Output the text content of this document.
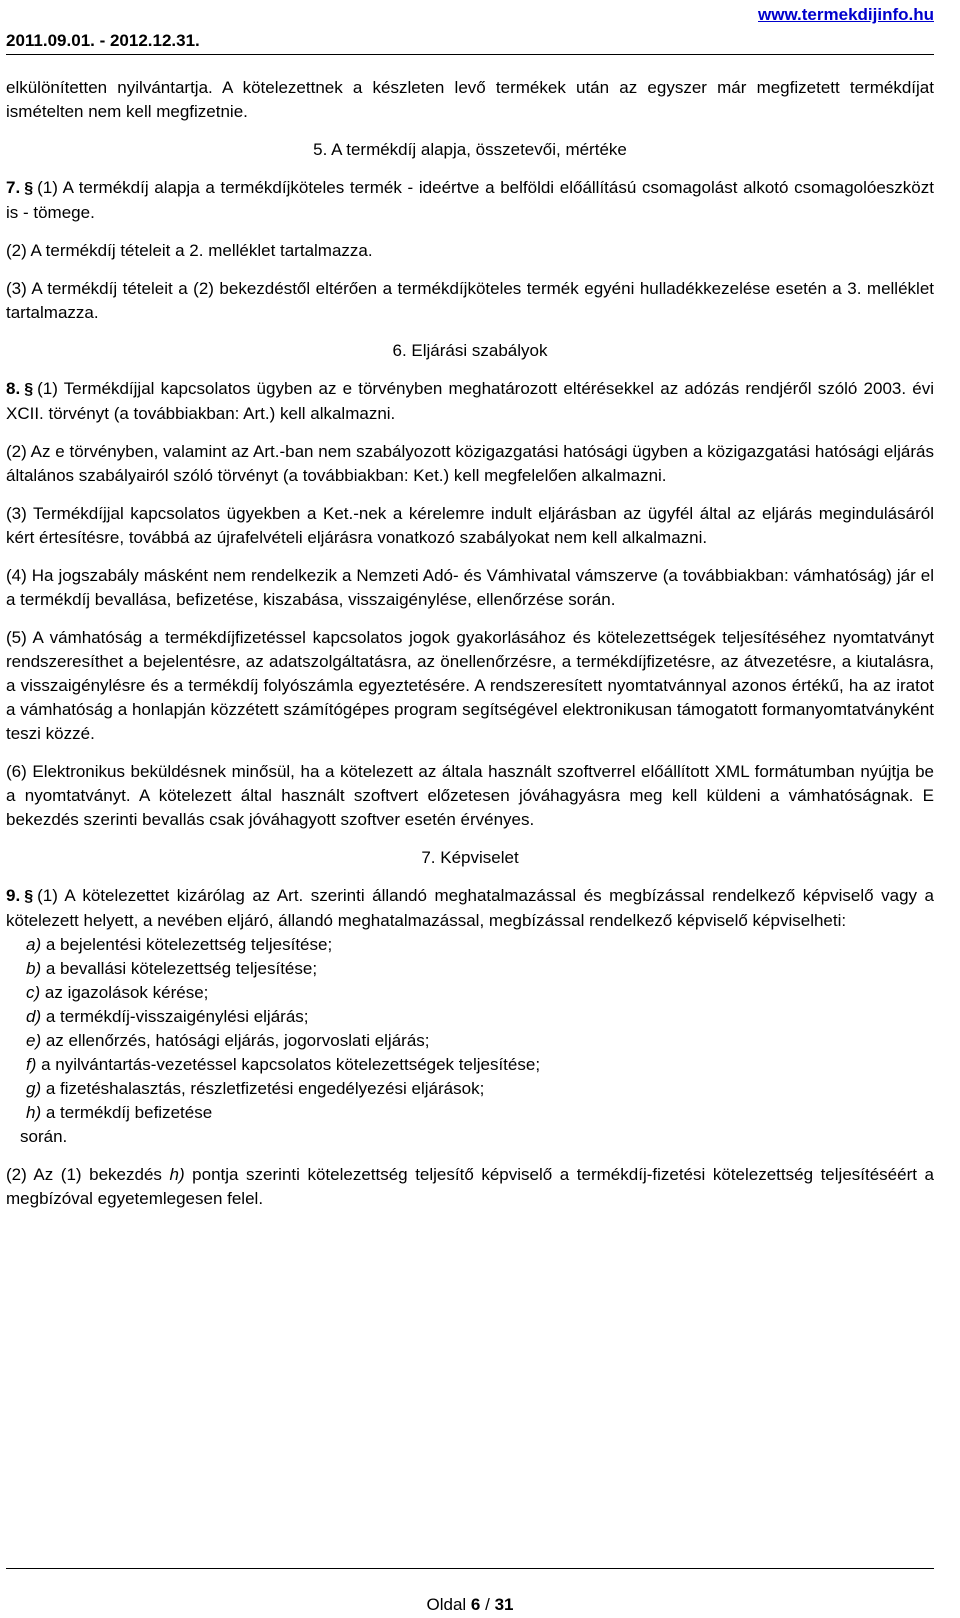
2011.09.01. - 2012.12.31.
www.termekdijinfo.hu

elkülönítetten nyilvántartja. A kötelezettnek a készleten levő termékek után az egyszer már megfizetett termékdíjat ismételten nem kell megfizetnie.

5. A termékdíj alapja, összetevői, mértéke

7. § (1) A termékdíj alapja a termékdíjköteles termék - ideértve a belföldi előállítású csomagolást alkotó csomagolóeszközt is - tömege.

(2) A termékdíj tételeit a 2. melléklet tartalmazza.

(3) A termékdíj tételeit a (2) bekezdéstől eltérően a termékdíjköteles termék egyéni hulladékkezelése esetén a 3. melléklet tartalmazza.

6. Eljárási szabályok

8. § (1) Termékdíjjal kapcsolatos ügyben az e törvényben meghatározott eltérésekkel az adózás rendjéről szóló 2003. évi XCII. törvényt (a továbbiakban: Art.) kell alkalmazni.

(2) Az e törvényben, valamint az Art.-ban nem szabályozott közigazgatási hatósági ügyben a közigazgatási hatósági eljárás általános szabályairól szóló törvényt (a továbbiakban: Ket.) kell megfelelően alkalmazni.

(3) Termékdíjjal kapcsolatos ügyekben a Ket.-nek a kérelemre indult eljárásban az ügyfél által az eljárás megindulásáról kért értesítésre, továbbá az újrafelvételi eljárásra vonatkozó szabályokat nem kell alkalmazni.

(4) Ha jogszabály másként nem rendelkezik a Nemzeti Adó- és Vámhivatal vámszerve (a továbbiakban: vámhatóság) jár el a termékdíj bevallása, befizetése, kiszabása, visszaigénylése, ellenőrzése során.

(5) A vámhatóság a termékdíjfizetéssel kapcsolatos jogok gyakorlásához és kötelezettségek teljesítéséhez nyomtatványt rendszeresíthet a bejelentésre, az adatszolgáltatásra, az önellenőrzésre, a termékdíjfizetésre, az átvezetésre, a kiutalásra, a visszaigénylésre és a termékdíj folyószámla egyeztetésére. A rendszeresített nyomtatvánnyal azonos értékű, ha az iratot a vámhatóság a honlapján közzétett számítógépes program segítségével elektronikusan támogatott formanyomtatványként teszi közzé.

(6) Elektronikus beküldésnek minősül, ha a kötelezett az általa használt szoftverrel előállított XML formátumban nyújtja be a nyomtatványt. A kötelezett által használt szoftvert előzetesen jóváhagyásra meg kell küldeni a vámhatóságnak. E bekezdés szerinti bevallás csak jóváhagyott szoftver esetén érvényes.

7. Képviselet

9. § (1) A kötelezettet kizárólag az Art. szerinti állandó meghatalmazással és megbízással rendelkező képviselő vagy a kötelezett helyett, a nevében eljáró, állandó meghatalmazással, megbízással rendelkező képviselő képviselheti:

a) a bejelentési kötelezettség teljesítése;
b) a bevallási kötelezettség teljesítése;
c) az igazolások kérése;
d) a termékdíj-visszaigénylési eljárás;
e) az ellenőrzés, hatósági eljárás, jogorvoslati eljárás;
f) a nyilvántartás-vezetéssel kapcsolatos kötelezettségek teljesítése;
g) a fizetéshalasztás, részletfizetési engedélyezési eljárások;
h) a termékdíj befizetése
során.

(2) Az (1) bekezdés h) pontja szerinti kötelezettség teljesítő képviselő a termékdíj-fizetési kötelezettség teljesítéséért a megbízóval egyetemlegesen felel.

Oldal 6 / 31
